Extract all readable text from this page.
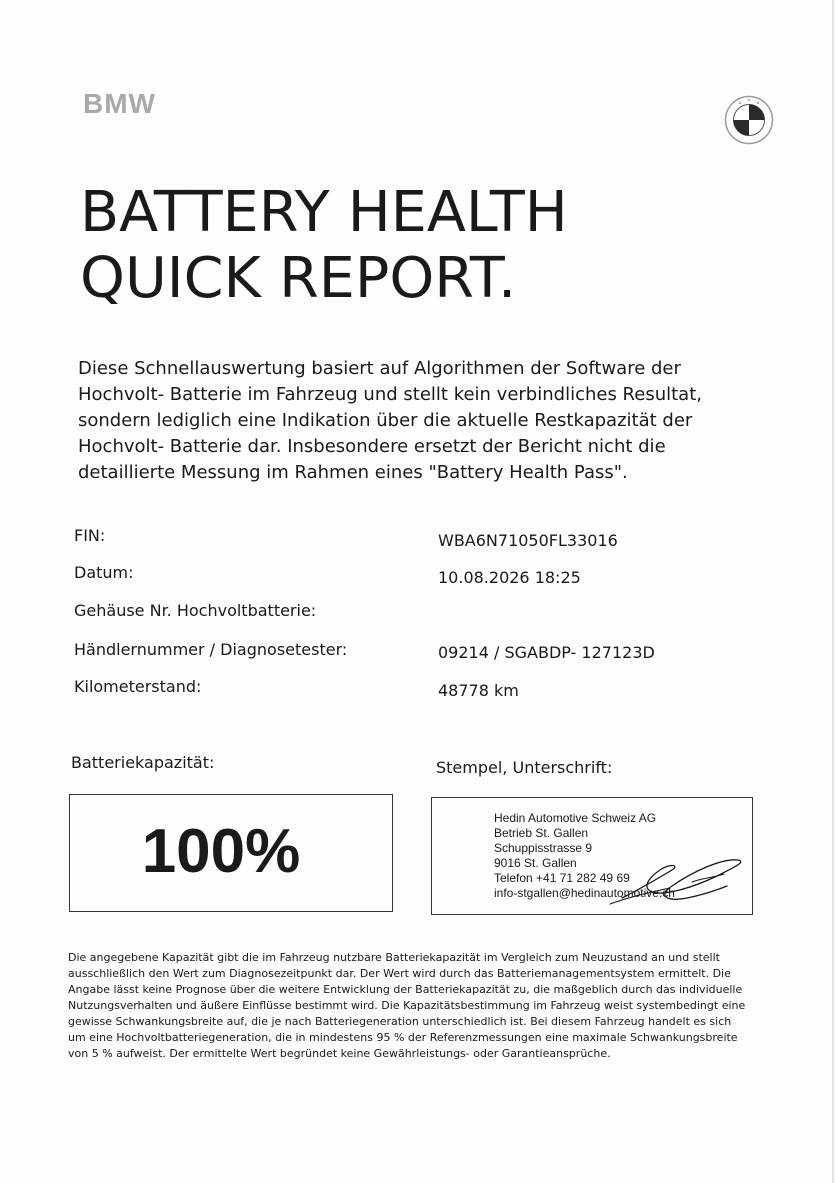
BMW
BATTERY HEALTH
QUICK REPORT.
Diese Schnellauswertung basiert auf Algorithmen der Software der
Hochvolt- Batterie im Fahrzeug und stellt kein verbindliches Resultat,
sondern lediglich eine Indikation über die aktuelle Restkapazität der
Hochvolt- Batterie dar. Insbesondere ersetzt der Bericht nicht die
detaillierte Messung im Rahmen eines "Battery Health Pass".
FIN:	WBA6N71050FL33016
Datum:	10.08.2026 18:25
Gehäuse Nr. Hochvoltbatterie:
Händlernummer / Diagnosetester:	09214 / SGABDP- 127123D
Kilometerstand:	48778 km
Batteriekapazität:	Stempel, Unterschrift:
100%	Hedin Automotive Schweiz AG
Betrieb St. Gallen
Schuppisstrasse 9
9016 St. Gallen
Telefon +41 71 282 49 69
info-stgallen@hedinautomotive.ch
Die angegebene Kapazität gibt die im Fahrzeug nutzbare Batteriekapazität im Vergleich zum Neuzustand an und stellt
ausschließlich den Wert zum Diagnosezeitpunkt dar. Der Wert wird durch das Batteriemanagementsystem ermittelt. Die
Angabe lässt keine Prognose über die weitere Entwicklung der Batteriekapazität zu, die maßgeblich durch das individuelle
Nutzungsverhalten und äußere Einflüsse bestimmt wird. Die Kapazitätsbestimmung im Fahrzeug weist systembedingt eine
gewisse Schwankungsbreite auf, die je nach Batteriegeneration unterschiedlich ist. Bei diesem Fahrzeug handelt es sich
um eine Hochvoltbatteriegeneration, die in mindestens 95 % der Referenzmessungen eine maximale Schwankungsbreite
von 5 % aufweist. Der ermittelte Wert begründet keine Gewährleistungs- oder Garantieansprüche.
